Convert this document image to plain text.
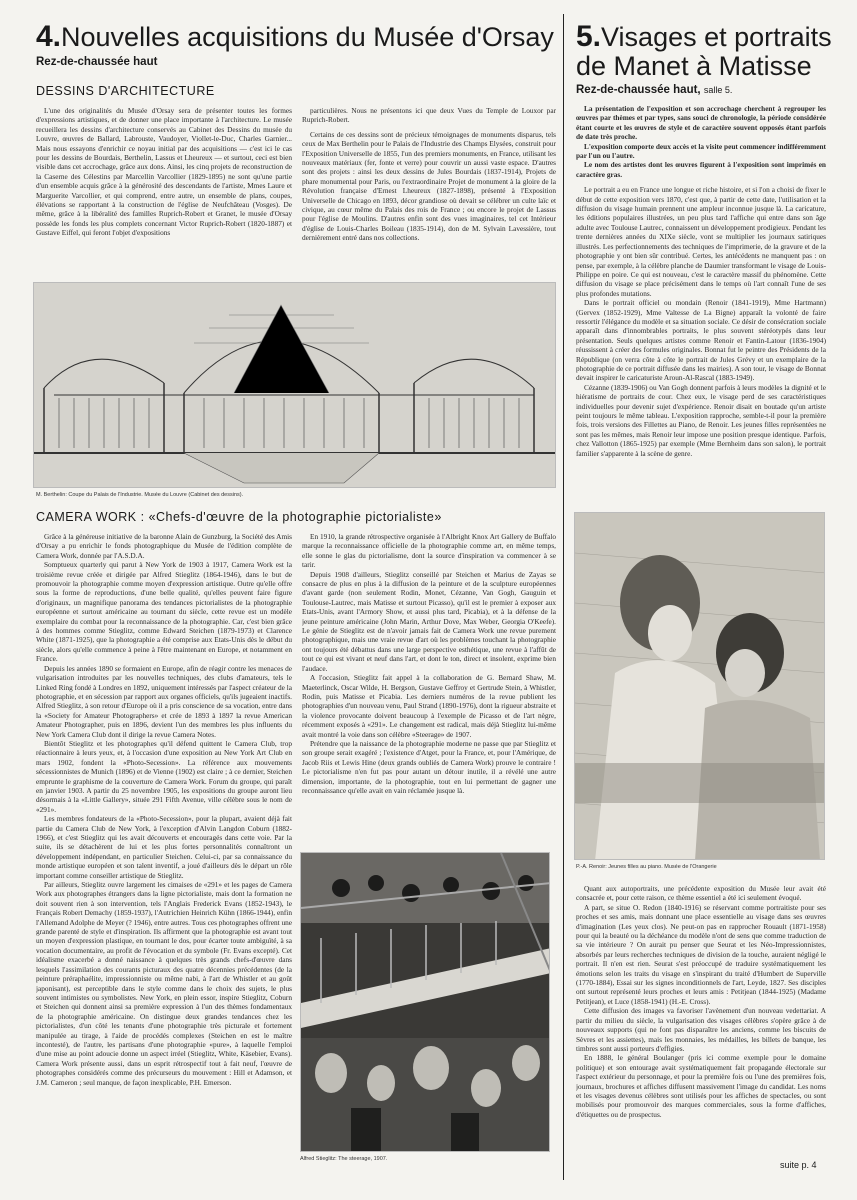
4.Nouvelles acquisitions du Musée d'Orsay
Rez-de-chaussée haut
DESSINS D'ARCHITECTURE

L'une des originalités du Musée d'Orsay sera de présenter toutes les formes d'expressions artistiques, et de donner une place importante à l'architecture. Le musée recueillera les dessins d'architecture conservés au Cabinet des Dessins du musée du Louvre, œuvres de Ballard, Labrouste, Vaudoyer, Viollet-le-Duc, Charles Garnier... Mais nous essayons d'enrichir ce noyau initial par des acquisitions — c'est ici le cas pour les dessins de Bourdais, Berthelin, Lassus et Lheureux — et surtout, ceci est bien visible dans cet accrochage, grâce aux dons. Ainsi, les cinq projets de reconstruction de la Caserne des Célestins par Marcellin Varcollier (1829-1895) ne sont qu'une partie d'un ensemble acquis grâce à la générosité des descendants de l'artiste, Mmes Laure et Marguerite Varcollier, et qui comprend, entre autre, un ensemble de plans, coupes, élévations se rapportant à la construction de l'église de Neufchâteau (Vosges). De même, grâce à la libéralité des familles Ruprich-Robert et Granet, le musée d'Orsay possède les fonds les plus complets concernant Victor Ruprich-Robert (1820-1887) et Gustave Eiffel, qui feront l'objet d'expositions

particulières. Nous ne présentons ici que deux Vues du Temple de Louxor par Ruprich-Robert.

Certains de ces dessins sont de précieux témoignages de monuments disparus, tels ceux de Max Berthelin pour le Palais de l'Industrie des Champs Elysées, construit pour l'Exposition Universelle de 1855, l'un des premiers monuments, en France, utilisant les nouveaux matériaux (fer, fonte et verre) pour couvrir un aussi vaste espace. D'autres sont des projets : ainsi les deux dessins de Jules Bourdais (1837-1914), Projets de phare monumental pour Paris, ou l'extraordinaire Projet de monument à la gloire de la Révolution française d'Ernest Lheureux (1827-1898), présenté à l'Exposition Universelle de Chicago en 1893, décor grandiose où devait se célébrer un culte laïc et civique, au cœur même du Palais des rois de France ; ou encore le projet de Lassus pour l'église de Moulins. D'autres enfin sont des vues imaginaires, tel cet Intérieur d'église de Louis-Charles Boileau (1835-1914), don de M. Sylvain Lavessière, tout dernièrement entré dans nos collections.

M. Berthelin: Coupe du Palais de l'Industrie. Musée du Louvre (Cabinet des dessins).
CAMERA WORK : «Chefs-d'œuvre de la photographie pictorialiste»

Grâce à la généreuse initiative de la baronne Alain de Gunzburg, la Société des Amis d'Orsay a pu enrichir le fonds photographique du Musée de l'édition complète de Camera Work, donnée par l'A.S.D.A.

Somptueux quarterly qui parut à New York de 1903 à 1917, Camera Work est la troisième revue créée et dirigée par Alfred Stieglitz (1864-1946), dans le but de promouvoir la photographie comme moyen d'expression artistique. Outre qu'elle offre sous la forme de reproductions, d'une belle qualité, qu'elles peuvent faire figure d'originaux, un magnifique panorama des tendances pictorialistes de la photographie européenne et surtout américaine au tournant du siècle, cette revue est un modèle exemplaire du combat pour la reconnaissance de la photographie. Car, c'est bien grâce à des hommes comme Stieglitz, comme Edward Steichen (1879-1973) et Clarence White (1871-1925), que la photographie a été comprise aux Etats-Unis dès le début du siècle, alors qu'elle commence à peine à l'être maintenant en Europe, et notamment en France.

Depuis les années 1890 se formaient en Europe, afin de réagir contre les menaces de vulgarisation introduites par les nouvelles techniques, des clubs d'amateurs, tels le Linked Ring fondé à Londres en 1892, uniquement intéressés par l'aspect créateur de la photographie, et en sécession par rapport aux organes officiels, qu'ils jugeaient inactifs. Alfred Stieglitz, à son retour d'Europe où il a pris conscience de sa vocation, entre dans la «Society for Amateur Photographers» et crée de 1893 à 1897 la revue American Amateur Photographer, puis en 1896, devient l'un des membres les plus influents du New York Camera Club dont il dirige la revue Camera Notes.

Bientôt Stieglitz et les photographes qu'il défend quittent le Camera Club, trop réactionnaire à leurs yeux, et, à l'occasion d'une exposition au New York Art Club en mars 1902, fondent la «Photo-Secession». La référence aux mouvements sécessionnistes de Munich (1896) et de Vienne (1902) est claire ; à ce dernier, Steichen emprunte le graphisme de la couverture de Camera Work. Forum du groupe, qui paraît en janvier 1903. A partir du 25 novembre 1905, les expositions du groupe auront lieu désormais à la «Little Gallery», située 291 Fifth Avenue, ville célèbre sous le nom de «291».

Les membres fondateurs de la «Photo-Secession», pour la plupart, avaient déjà fait partie du Camera Club de New York, à l'exception d'Alvin Langdon Coburn (1882-1966), et c'est Stieglitz qui les avait découverts et encouragés dans cette voie. Par la suite, ils se détachèrent de lui et les plus fortes personnalités connaîtront un développement indépendant, en particulier Steichen. Celui-ci, par sa connaissance du monde artistique européen et son talent inventif, a joué d'ailleurs dès le départ un rôle important comme conseiller artistique de Stieglitz.

Par ailleurs, Stieglitz ouvre largement les cimaises de «291» et les pages de Camera Work aux photographes étrangers dans la ligne pictorialiste, mais dont la formation ne doit souvent rien à son intervention, tels l'Anglais Frederick Evans (1852-1943), le Français Robert Demachy (1859-1937), l'Autrichien Heinrich Kühn (1866-1944), enfin l'Allemand Adolphe de Meyer (? 1946), entre autres. Tous ces photographes offrent une grande parenté de style et d'inspiration. Ils affirment que la photographie est avant tout un moyen d'expression plastique, en tournant le dos, pour écarter toute ambiguïté, à sa vocation documentaire, au profit de l'évocation et du symbole (Fr. Evans excepté). Cet idéalisme exacerbé a donné naissance à quelques très grands chefs-d'œuvre dans lesquels l'assimilation des courants picturaux des quatre décennies précédentes (de la peinture préraphaélite, impressionniste ou même nabi, à l'art de Whistler et au goût japonisant), est perceptible dans le style comme dans le choix des sujets, le plus souvent intimistes ou symbolistes. New York, en plein essor, inspire Stieglitz, Coburn et Steichen qui donnent ainsi sa première expression à l'un des thèmes fondamentaux de la photographie américaine. On distingue deux grandes tendances chez les pictorialistes, d'un côté les tenants d'une photographie très picturale et fortement manipulée au tirage, à l'aide de procédés complexes (Steichen en est le maître incontesté), de l'autre, les partisans d'une photographie «pure», à laquelle l'emploi d'une mise au point adoucie donne un aspect irréel (Stieglitz, White, Käsebier, Evans). Camera Work présente aussi, dans un esprit rétrospectif tout à fait neuf, l'œuvre de photographes considérés comme des précurseurs du mouvement : Hill et Adamson, et J.M. Cameron ; seul manque, de façon inexplicable, P.H. Emerson.

En 1910, la grande rétrospective organisée à l'Albright Knox Art Gallery de Buffalo marque la reconnaissance officielle de la photographie comme art, en même temps, elle sonne le glas du pictorialisme, dont la source d'inspiration va commencer à se tarir.

Depuis 1908 d'ailleurs, Stieglitz conseillé par Steichen et Marius de Zayas se consacre de plus en plus à la diffusion de la peinture et de la sculpture européennes d'avant garde (non seulement Rodin, Monet, Cézanne, Van Gogh, Gauguin et Toulouse-Lautrec, mais Matisse et surtout Picasso), qu'il est le premier à exposer aux Etats-Unis, avant l'Armory Show, et aussi plus tard, Picabia), et à la défense de la jeune peinture américaine (John Marin, Arthur Dove, Max Weber, Georgia O'Keefe). Le génie de Stieglitz est de n'avoir jamais fait de Camera Work une revue purement photographique, mais une vraie revue d'art où les problèmes touchant la photographie ont toujours été débattus dans une large perspective esthétique, une revue à l'affût de tout ce qui est vivant et neuf dans l'art, et dont le ton, direct et insolent, exprime bien l'audace.

A l'occasion, Stieglitz fait appel à la collaboration de G. Bernard Shaw, M. Maeterlinck, Oscar Wilde, H. Bergson, Gustave Geffroy et Gertrude Stein, à Whistler, Rodin, puis Matisse et Picabia. Les derniers numéros de la revue publient les photographies d'un nouveau venu, Paul Strand (1890-1976), dont la rigueur abstraite et la violence provocante doivent beaucoup à l'exemple de Picasso et de l'art nègre, récemment exposés à «291». Le changement est radical, mais déjà Stieglitz lui-même avait montré la voie dans son célèbre «Steerage» de 1907.

Prétendre que la naissance de la photographie moderne ne passe que par Stieglitz et son groupe serait exagéré ; l'existence d'Atget, pour la France, et, pour l'Amérique, de Jacob Riis et Lewis Hine (deux grands oubliés de Camera Work) prouve le contraire ! Le pictorialisme n'en fut pas pour autant un détour inutile, il a révélé une autre dimension, importante, de la photographie, tout en lui permettant de gagner une reconnaissance qu'elle avait en vain réclamée jusque là.

Alfred Stieglitz: The steerage, 1907.
5.Visages et portraits de Manet à Matisse
Rez-de-chaussée haut, salle 5.

La présentation de l'exposition et son accrochage cherchent à regrouper les œuvres par thèmes et par types, sans souci de chronologie, la période considérée étant courte et les œuvres de style et de caractère souvent opposés étant parfois de date très proche.

L'exposition comporte deux accès et la visite peut commencer indifféremment par l'un ou l'autre.

Le nom des artistes dont les œuvres figurent à l'exposition sont imprimés en caractère gras.

Le portrait a eu en France une longue et riche histoire, et si l'on a choisi de fixer le début de cette exposition vers 1870, c'est que, à partir de cette date, l'utilisation et la diffusion du visage humain prennent une ampleur inconnue jusque là. La caricature, les éditions populaires illustrées, un peu plus tard l'affiche qui entre dans son âge adulte avec Toulouse Lautrec, connaissent un développement prodigieux. Pendant les trente dernières années du XIXe siècle, vont se multiplier les journaux satiriques illustrés. Les perfectionnements des techniques de l'imprimerie, de la gravure et de la photographie y ont bien sûr contribué. Certes, les antécédents ne manquent pas : on pense, par exemple, à la célèbre planche de Daumier transformant le visage de Louis-Philippe en poire. Ce qui est nouveau, c'est le caractère massif du phénomène. Cette diffusion du visage se place précisément dans le temps où l'art connaît l'une de ses plus profondes mutations.

Dans le portrait officiel ou mondain (Renoir (1841-1919), Mme Hartmann) (Gervex (1852-1929), Mme Valtesse de La Bigne) apparaît la volonté de faire ressortir l'élégance du modèle et sa situation sociale. Ce désir de consécration sociale apparaît dans d'innombrables portraits, le plus souvent stéréotypés dans leur présentation. Seuls quelques artistes comme Renoir et Fantin-Latour (1836-1904) réussissent à créer des formules originales. Bonnat fut le peintre des Présidents de la République (on verra côte à côte le portrait de Jules Grévy et un exemplaire de la photographie de ce portrait diffusée dans les mairies). A son tour, le visage de Bonnat devait inspirer le caricaturiste Aroun-Al-Rascal (1883-1949).

Cézanne (1839-1906) ou Van Gogh donnent parfois à leurs modèles la dignité et le hiératisme de portraits de cour. Chez eux, le visage perd de ses caractéristiques individuelles pour devenir sujet d'expérience. Renoir disait en boutade qu'un artiste peint toujours le même tableau. L'exposition rapproche, semble-t-il pour la première fois, trois versions des Fillettes au Piano, de Renoir. Les jeunes filles représentées ne sont pas les mêmes, mais Renoir leur impose une position presque identique. Parfois, chez Vallotton (1865-1925) par exemple (Mme Bernheim dans son salon), le portrait familier s'apparente à la scène de genre.

P.-A. Renoir: Jeunes filles au piano. Musée de l'Orangerie

Quant aux autoportraits, une précédente exposition du Musée leur avait été consacrée et, pour cette raison, ce thème essentiel a été ici seulement évoqué.

A part, se situe O. Redon (1840-1916) se réservant comme portraitiste pour ses proches et ses amis, mais donnant une place essentielle au visage dans ses œuvres d'imagination (Les yeux clos). Ne peut-on pas en rapprocher Rouault (1871-1958) pour qui la beauté ou la déchéance du modèle n'ont de sens que comme traduction de sa vie intérieure ? On aurait pu penser que Seurat et les Néo-Impressionnistes, absorbés par leurs recherches techniques de division de la touche, auraient négligé le portrait. Il n'en est rien. Seurat s'est préoccupé de traduire systématiquement les émotions selon les traits du visage en s'inspirant du traité d'Humbert de Superville (1770-1884), Essai sur les signes inconditionnels de l'art, Leyde, 1827. Ses disciples ont surtout représenté leurs proches et leurs amis : Petitjean (1844-1925) (Madame Petitjean), et Luce (1858-1941) (H.-E. Cross).

Cette diffusion des images va favoriser l'avènement d'un nouveau vedettariat. A partir du milieu du siècle, la vulgarisation des visages célèbres s'opère grâce à de nouveaux supports (qui ne font pas disparaître les anciens, comme les biscuits de Sèvres et les assiettes), mais les monnaies, les médailles, les billets de banque, les timbres sont aussi porteurs d'effigies.

En 1888, le général Boulanger (pris ici comme exemple pour le domaine politique) et son entourage avait systématiquement fait propagande électorale sur l'aspect extérieur du personnage, et pour la première fois ou l'une des premières fois, journaux, brochures et affiches diffusent massivement l'image du candidat. Les noms et les visages devenus célèbres sont utilisés pour les affiches de spectacles, ou sont mobilisés pour promouvoir des marques commerciales, sous la forme d'affiches, d'étiquettes ou de prospectus.

suite p. 4
